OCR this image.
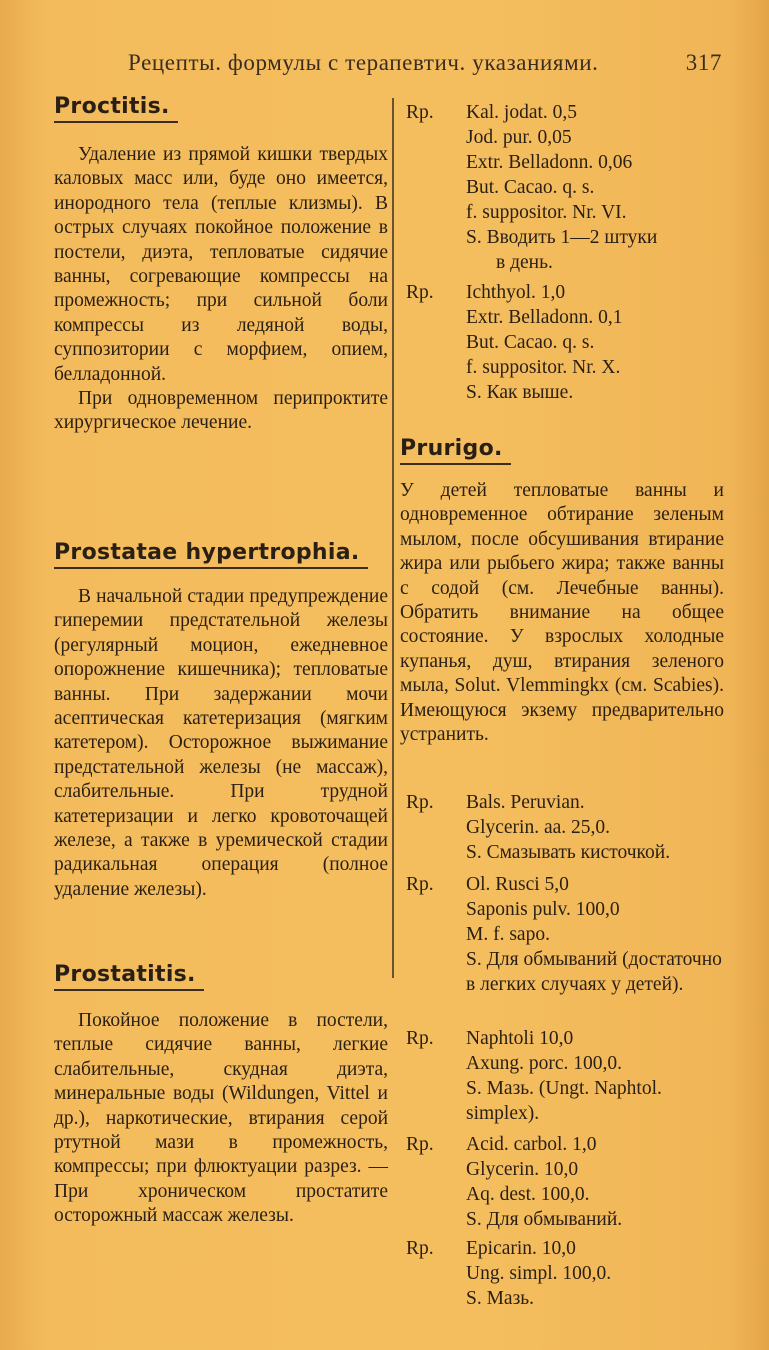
Рецепты. формулы с терапевтич. указаниями.	317
Proctitis.

Удаление из прямой кишки твердых каловых масс или, буде оно имеется, инородного тела (теплые клизмы). В острых случаях покойное положение в постели, диэта, тепловатые сидячие ванны, согревающие компрессы на промежность; при сильной боли компрессы из ледяной воды, суппозитории с морфием, опием, белладонной.

При одновременном перипроктите хирургическое лечение.

Prostatae hypertrophia.

В начальной стадии предупреждение гиперемии предстательной железы (регулярный моцион, ежедневное опорожнение кишечника); тепловатые ванны. При задержании мочи асептическая катетеризация (мягким катетером). Осторожное выжимание предстательной железы (не массаж), слабительные. При трудной катетеризации и легко кровоточащей железе, а также в уремической стадии радикальная операция (полное удаление железы).

Prostatitis.

Покойное положение в постели, теплые сидячие ванны, легкие слабительные, скудная диэта, минеральные воды (Wildungen, Vittel и др.), наркотические, втирания серой ртутной мази в промежность, компрессы; при флюктуации разрез. — При хроническом простатите осторожный массаж железы.

Rp. Kal. jodat. 0,5
Jod. pur. 0,05
Extr. Belladonn. 0,06
But. Cacao. q. s.
f. suppositor. Nr. VI.
S. Вводить 1—2 штуки
в день.
Rp. Ichthyol. 1,0
Extr. Belladonn. 0,1
But. Cacao. q. s.
f. suppositor. Nr. X.
S. Как выше.
Prurigo.

У детей тепловатые ванны и одновременное обтирание зеленым мылом, после обсушивания втирание жира или рыбьего жира; также ванны с содой (см. Лечебные ванны). Обратить внимание на общее состояние. У взрослых холодные купанья, душ, втирания зеленого мыла, Solut. Vlemmingkx (см. Scabies). Имеющуюся экзему предварительно устранить.

Rp. Bals. Peruvian.
Glycerin. aa. 25,0.
S. Смазывать кисточкой.
Rp. Ol. Rusci 5,0
Saponis pulv. 100,0
M. f. sapo.
S. Для обмываний (достаточно в легких случаях у детей).
Rp. Naphtoli 10,0
Axung. porc. 100,0.
S. Мазь. (Ungt. Naphtol. simplex).
Rp. Acid. carbol. 1,0
Glycerin. 10,0
Aq. dest. 100,0.
S. Для обмываний.
Rp. Epicarin. 10,0
Ung. simpl. 100,0.
S. Мазь.
